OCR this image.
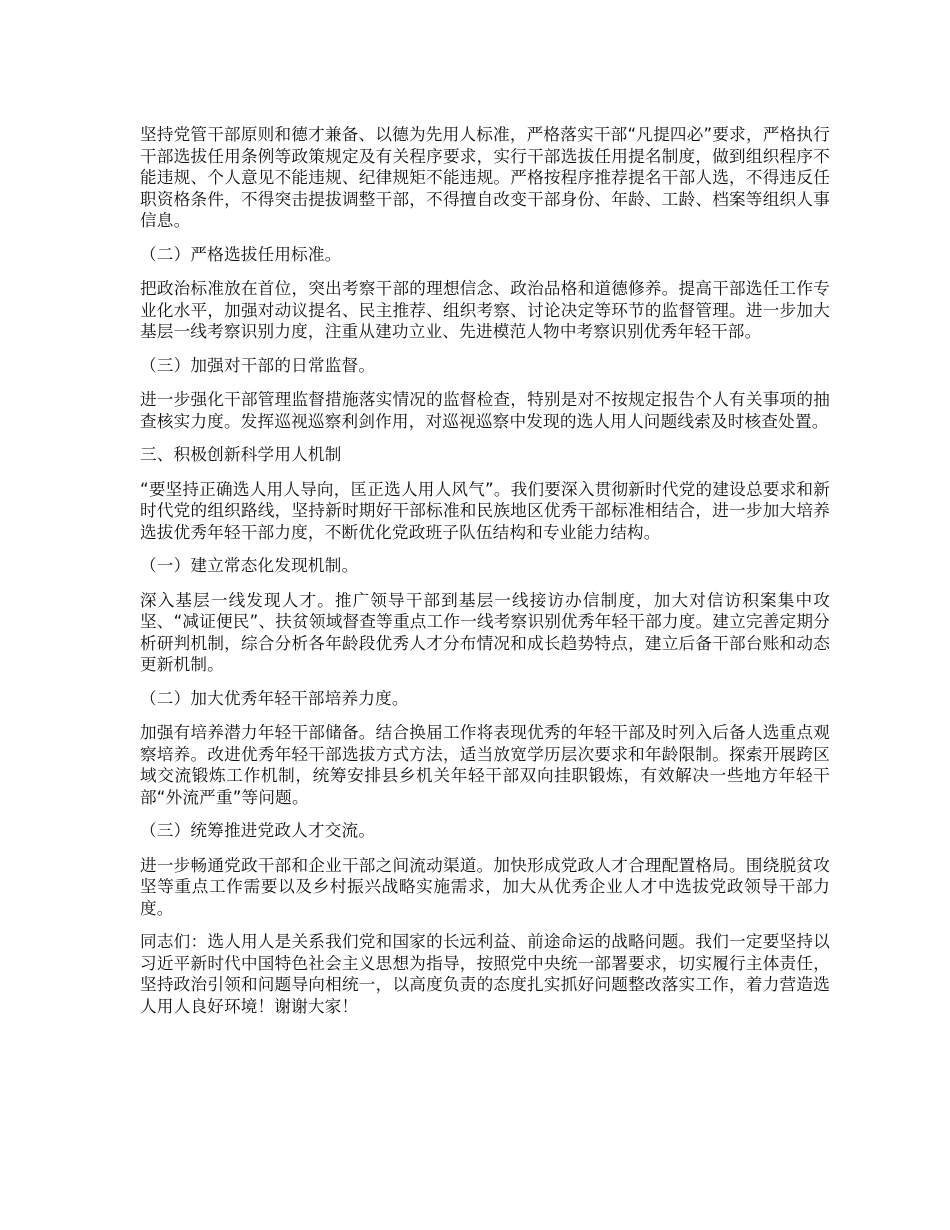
坚持党管干部原则和德才兼备、以德为先用人标准，严格落实干部“凡提四必”要求，严格执行干部选拔任用条例等政策规定及有关程序要求，实行干部选拔任用提名制度，做到组织程序不能违规、个人意见不能违规、纪律规矩不能违规。严格按程序推荐提名干部人选，不得违反任职资格条件，不得突击提拔调整干部，不得擅自改变干部身份、年龄、工龄、档案等组织人事信息。

（二）严格选拔任用标准。

把政治标准放在首位，突出考察干部的理想信念、政治品格和道德修养。提高干部选任工作专业化水平，加强对动议提名、民主推荐、组织考察、讨论决定等环节的监督管理。进一步加大基层一线考察识别力度，注重从建功立业、先进模范人物中考察识别优秀年轻干部。

（三）加强对干部的日常监督。

进一步强化干部管理监督措施落实情况的监督检查，特别是对不按规定报告个人有关事项的抽查核实力度。发挥巡视巡察利剑作用，对巡视巡察中发现的选人用人问题线索及时核查处置。

三、积极创新科学用人机制

“要坚持正确选人用人导向，匡正选人用人风气”。我们要深入贯彻新时代党的建设总要求和新时代党的组织路线，坚持新时期好干部标准和民族地区优秀干部标准相结合，进一步加大培养选拔优秀年轻干部力度，不断优化党政班子队伍结构和专业能力结构。

（一）建立常态化发现机制。

深入基层一线发现人才。推广领导干部到基层一线接访办信制度，加大对信访积案集中攻坚、“减证便民”、扶贫领域督查等重点工作一线考察识别优秀年轻干部力度。建立完善定期分析研判机制，综合分析各年龄段优秀人才分布情况和成长趋势特点，建立后备干部台账和动态更新机制。

（二）加大优秀年轻干部培养力度。

加强有培养潜力年轻干部储备。结合换届工作将表现优秀的年轻干部及时列入后备人选重点观察培养。改进优秀年轻干部选拔方式方法，适当放宽学历层次要求和年龄限制。探索开展跨区域交流锻炼工作机制，统筹安排县乡机关年轻干部双向挂职锻炼，有效解决一些地方年轻干部“外流严重”等问题。

（三）统筹推进党政人才交流。

进一步畅通党政干部和企业干部之间流动渠道。加快形成党政人才合理配置格局。围绕脱贫攻坚等重点工作需要以及乡村振兴战略实施需求，加大从优秀企业人才中选拔党政领导干部力度。

同志们：选人用人是关系我们党和国家的长远利益、前途命运的战略问题。我们一定要坚持以习近平新时代中国特色社会主义思想为指导，按照党中央统一部署要求，切实履行主体责任，坚持政治引领和问题导向相统一，以高度负责的态度扎实抓好问题整改落实工作，着力营造选人用人良好环境！谢谢大家！
